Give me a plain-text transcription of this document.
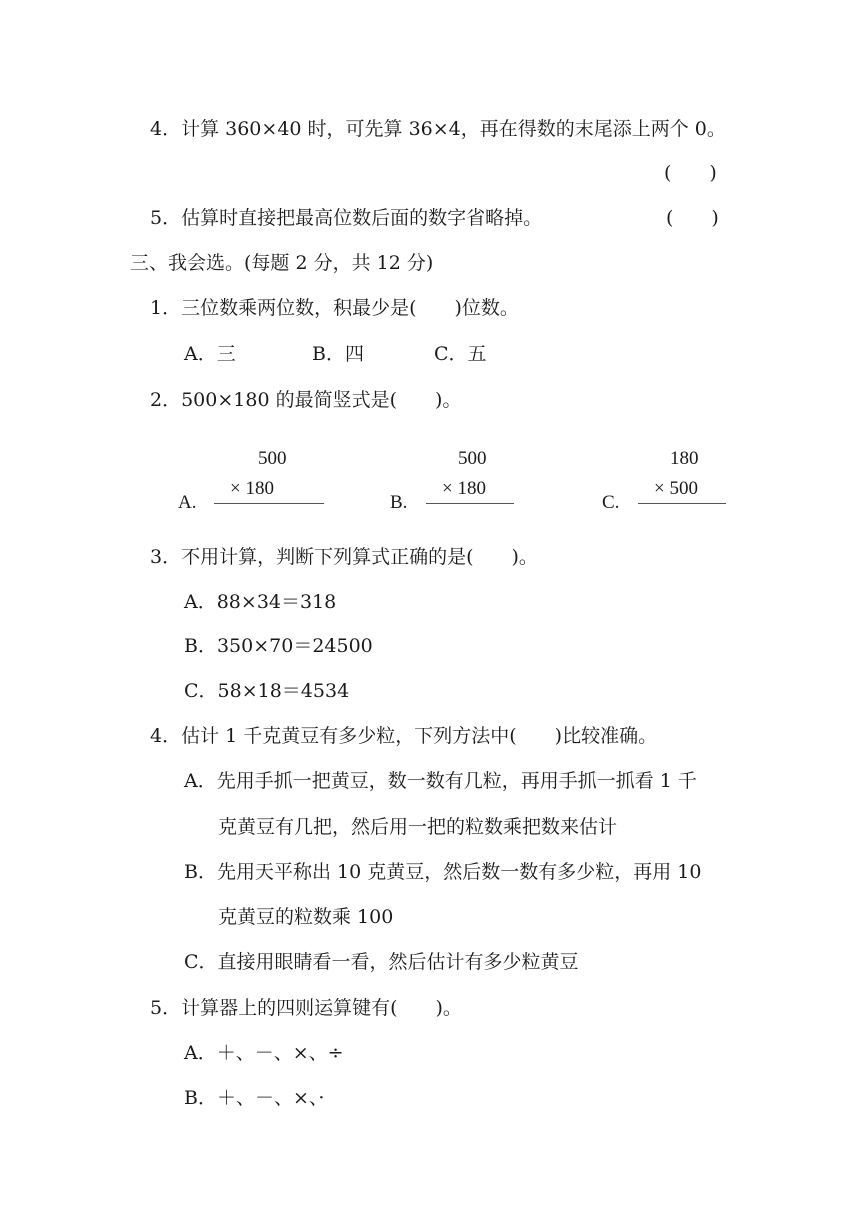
4．计算 360×40 时，可先算 36×4，再在得数的末尾添上两个 0。
(　　)
5．估算时直接把最高位数后面的数字省略掉。	(　　)
三、我会选。(每题 2 分，共 12 分)
1．三位数乘两位数，积最少是(　　)位数。
A．三	B．四	C．五
2．500×180 的最简竖式是(　　)。
500
× 180
A.
500
× 180
B.
180
× 500
C.
3．不用计算，判断下列算式正确的是(　　)。
A．88×34＝318
B．350×70＝24500
C．58×18＝4534
4．估计 1 千克黄豆有多少粒，下列方法中(　　)比较准确。
A．先用手抓一把黄豆，数一数有几粒，再用手抓一抓看 1 千
克黄豆有几把，然后用一把的粒数乘把数来估计
B．先用天平称出 10 克黄豆，然后数一数有多少粒，再用 10
克黄豆的粒数乘 100
C．直接用眼睛看一看，然后估计有多少粒黄豆
5．计算器上的四则运算键有(　　)。
A．＋、－、×、÷
B．＋、－、×、·
